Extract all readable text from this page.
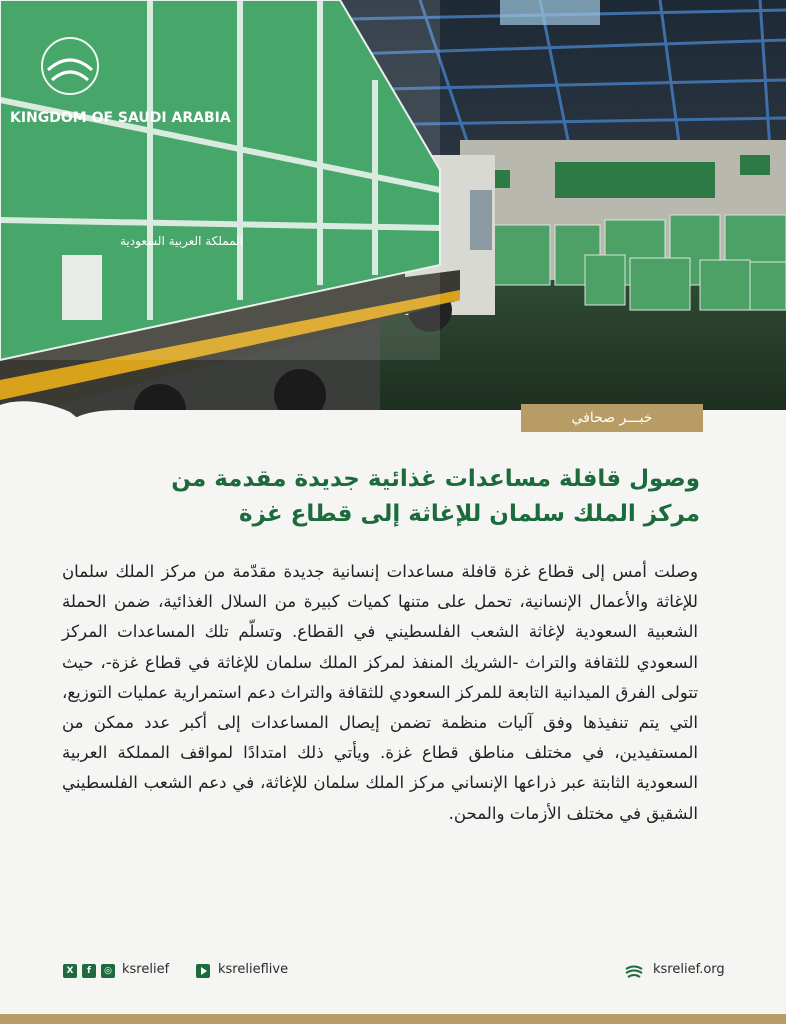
KINGDOM OF SAUDI ARABIA
المملكة العربية السعودية
خبـــر صحافي
وصول قافلة مساعدات غذائية جديدة مقدمة من
مركز الملك سلمان للإغاثة إلى قطاع غزة
وصلت أمس إلى قطاع غزة قافلة مساعدات إنسانية جديدة مقدّمة من مركز الملك سلمان للإغاثة والأعمال الإنسانية، تحمل على متنها كميات كبيرة من السلال الغذائية، ضمن الحملة الشعبية السعودية لإغاثة الشعب الفلسطيني في القطاع. وتسلّم تلك المساعدات المركز السعودي للثقافة والتراث -الشريك المنفذ لمركز الملك سلمان للإغاثة في قطاع غزة-، حيث تتولى الفرق الميدانية التابعة للمركز السعودي للثقافة والتراث دعم استمرارية عمليات التوزيع، التي يتم تنفيذها وفق آليات منظمة تضمن إيصال المساعدات إلى أكبر عدد ممكن من المستفيدين، في مختلف مناطق قطاع غزة. ويأتي ذلك امتدادًا لمواقف المملكة العربية السعودية الثابتة عبر ذراعها الإنساني مركز الملك سلمان للإغاثة، في دعم الشعب الفلسطيني الشقيق في مختلف الأزمات والمحن.
X	f	◎ ksrelief	ksrelieflive	ksrelief.org
